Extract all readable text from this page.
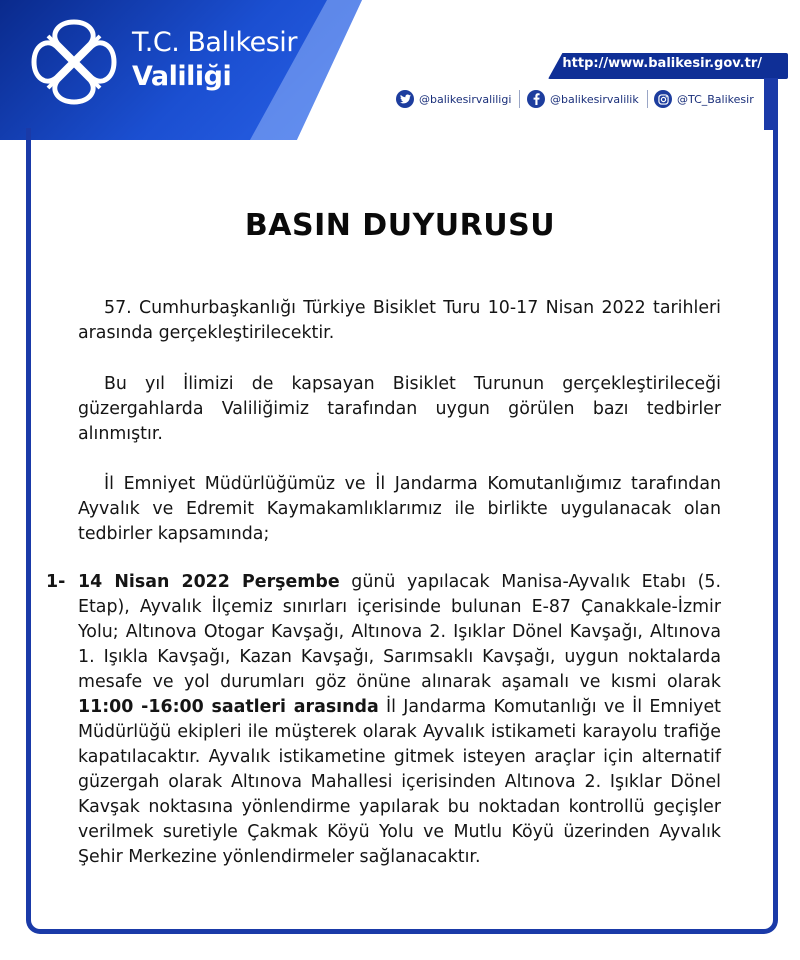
T.C. Balıkesir
Valiliği	http://www.balikesir.gov.tr/
@balikesirvaliligi	@balikesirvalilik	@TC_Balikesir
BASIN DUYURUSU
57. Cumhurbaşkanlığı Türkiye Bisiklet Turu 10-17 Nisan 2022 tarihleri arasında gerçekleştirilecektir.
Bu yıl İlimizi de kapsayan Bisiklet Turunun gerçekleştirileceği güzergahlarda Valiliğimiz tarafından uygun görülen bazı tedbirler alınmıştır.
İl Emniyet Müdürlüğümüz ve İl Jandarma Komutanlığımız tarafından Ayvalık ve Edremit Kaymakamlıklarımız ile birlikte uygulanacak olan tedbirler kapsamında;
1- 14 Nisan 2022 Perşembe günü yapılacak Manisa-Ayvalık Etabı (5. Etap), Ayvalık İlçemiz sınırları içerisinde bulunan E-87 Çanakkale-İzmir Yolu; Altınova Otogar Kavşağı, Altınova 2. Işıklar Dönel Kavşağı, Altınova 1. Işıkla Kavşağı, Kazan Kavşağı, Sarımsaklı Kavşağı, uygun noktalarda mesafe ve yol durumları göz önüne alınarak aşamalı ve kısmi olarak 11:00 -16:00 saatleri arasında İl Jandarma Komutanlığı ve İl Emniyet Müdürlüğü ekipleri ile müşterek olarak Ayvalık istikameti karayolu trafiğe kapatılacaktır. Ayvalık istikametine gitmek isteyen araçlar için alternatif güzergah olarak Altınova Mahallesi içerisinden Altınova 2. Işıklar Dönel Kavşak noktasına yönlendirme yapılarak bu noktadan kontrollü geçişler verilmek suretiyle Çakmak Köyü Yolu ve Mutlu Köyü üzerinden Ayvalık Şehir Merkezine yönlendirmeler sağlanacaktır.
